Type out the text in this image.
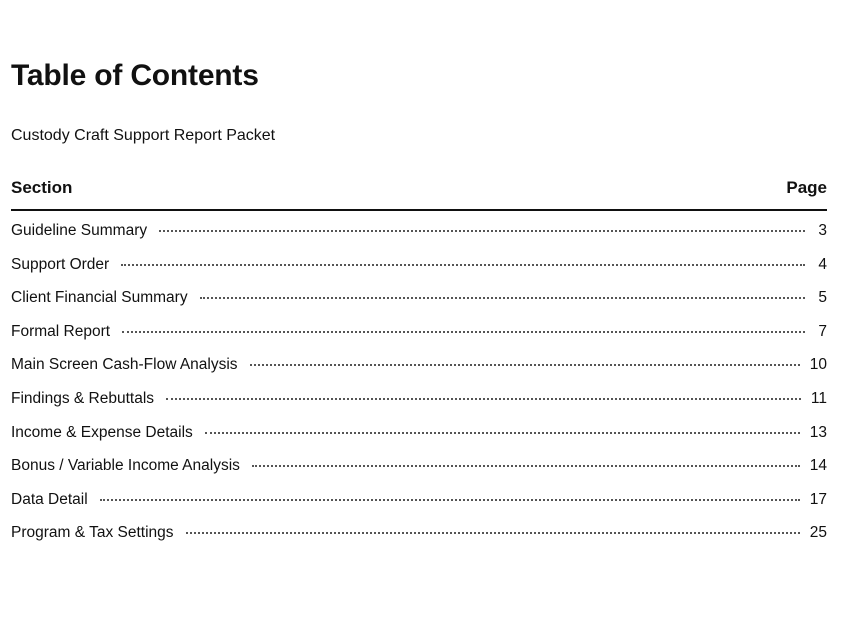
Table of Contents
Custody Craft Support Report Packet
Section	Page
Guideline Summary	3
Support Order	4
Client Financial Summary	5
Formal Report	7
Main Screen Cash-Flow Analysis	10
Findings & Rebuttals	11
Income & Expense Details	13
Bonus / Variable Income Analysis	14
Data Detail	17
Program & Tax Settings	25
